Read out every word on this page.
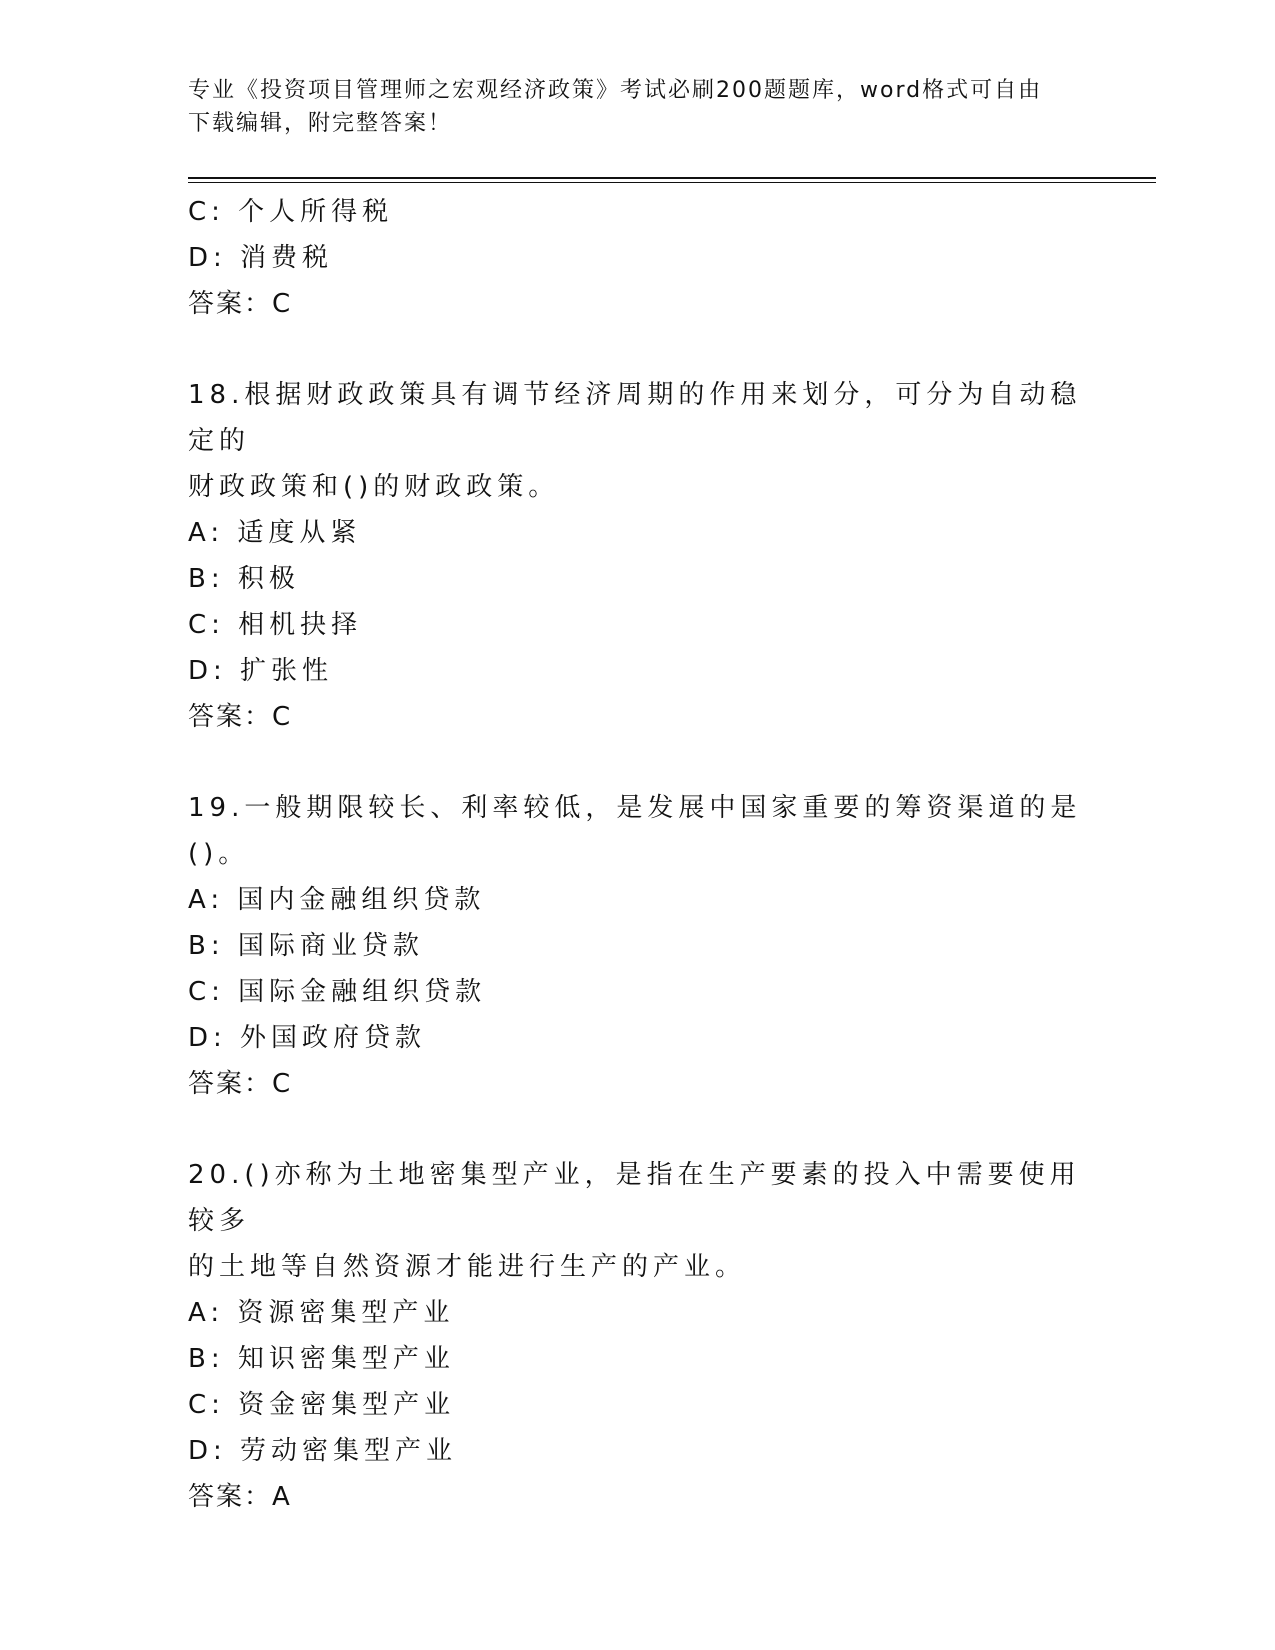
专业《投资项目管理师之宏观经济政策》考试必刷200题题库，word格式可自由
下载编辑，附完整答案！
C: 个人所得税
D: 消费税
答案：C
18.根据财政政策具有调节经济周期的作用来划分，可分为自动稳定的
财政政策和()的财政政策。
A: 适度从紧
B: 积极
C: 相机抉择
D: 扩张性
答案：C
19.一般期限较长、利率较低，是发展中国家重要的筹资渠道的是()。
A: 国内金融组织贷款
B: 国际商业贷款
C: 国际金融组织贷款
D: 外国政府贷款
答案：C
20.()亦称为土地密集型产业，是指在生产要素的投入中需要使用较多
的土地等自然资源才能进行生产的产业。
A: 资源密集型产业
B: 知识密集型产业
C: 资金密集型产业
D: 劳动密集型产业
答案：A
